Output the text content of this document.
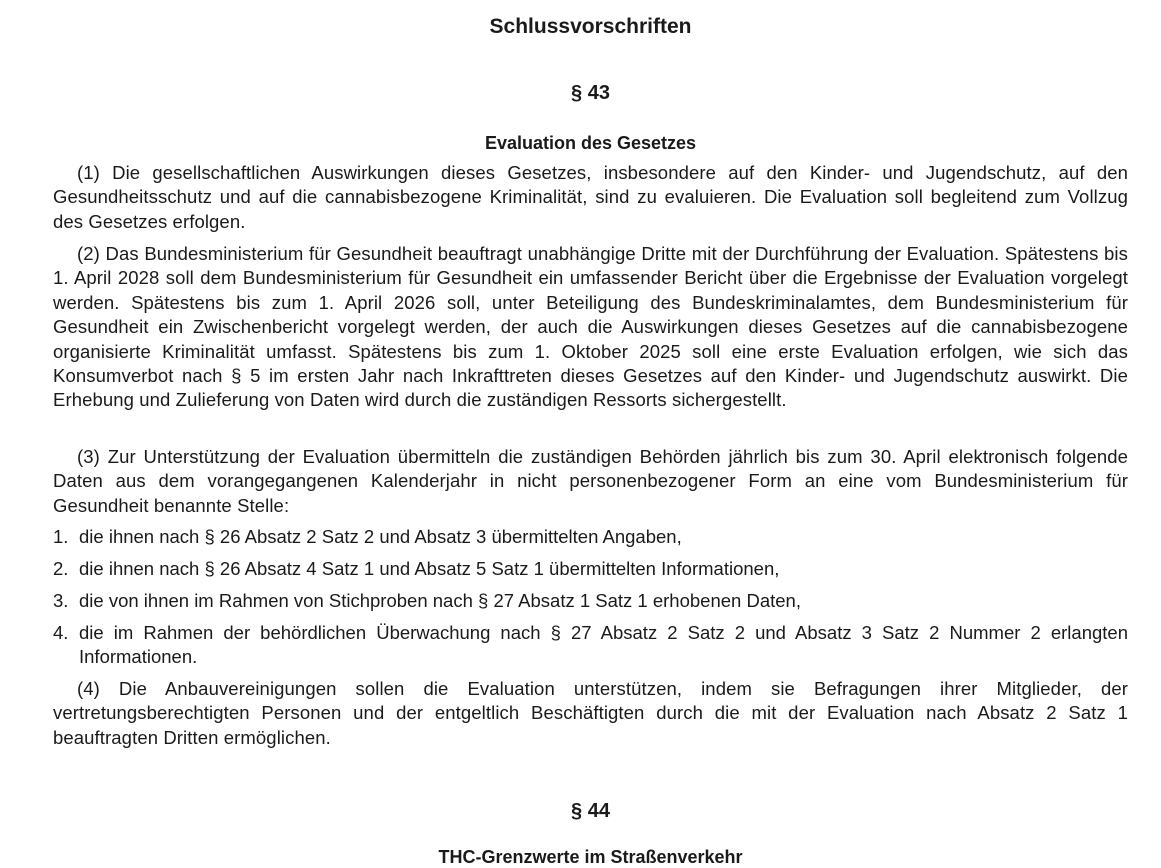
Schlussvorschriften
§ 43
Evaluation des Gesetzes

(1) Die gesellschaftlichen Auswirkungen dieses Gesetzes, insbesondere auf den Kinder- und Jugendschutz, auf den Gesundheitsschutz und auf die cannabisbezogene Kriminalität, sind zu evaluieren. Die Evaluation soll begleitend zum Vollzug des Gesetzes erfolgen.

(2) Das Bundesministerium für Gesundheit beauftragt unabhängige Dritte mit der Durchführung der Evaluation. Spätestens bis 1. April 2028 soll dem Bundesministerium für Gesundheit ein umfassender Bericht über die Ergebnisse der Evaluation vorgelegt werden. Spätestens bis zum 1. April 2026 soll, unter Beteiligung des Bundeskriminalamtes, dem Bundesministerium für Gesundheit ein Zwischenbericht vorgelegt werden, der auch die Auswirkungen dieses Gesetzes auf die cannabisbezogene organisierte Kriminalität umfasst. Spätestens bis zum 1. Oktober 2025 soll eine erste Evaluation erfolgen, wie sich das Konsumverbot nach § 5 im ersten Jahr nach Inkrafttreten dieses Gesetzes auf den Kinder- und Jugendschutz auswirkt. Die Erhebung und Zulieferung von Daten wird durch die zuständigen Ressorts sichergestellt.

(3) Zur Unterstützung der Evaluation übermitteln die zuständigen Behörden jährlich bis zum 30. April elektronisch folgende Daten aus dem vorangegangenen Kalenderjahr in nicht personenbezogener Form an eine vom Bundesministerium für Gesundheit benannte Stelle:

1. die ihnen nach § 26 Absatz 2 Satz 2 und Absatz 3 übermittelten Angaben,
2. die ihnen nach § 26 Absatz 4 Satz 1 und Absatz 5 Satz 1 übermittelten Informationen,
3. die von ihnen im Rahmen von Stichproben nach § 27 Absatz 1 Satz 1 erhobenen Daten,
4. die im Rahmen der behördlichen Überwachung nach § 27 Absatz 2 Satz 2 und Absatz 3 Satz 2 Nummer 2 erlangten Informationen.

(4) Die Anbauvereinigungen sollen die Evaluation unterstützen, indem sie Befragungen ihrer Mitglieder, der vertretungsberechtigten Personen und der entgeltlich Beschäftigten durch die mit der Evaluation nach Absatz 2 Satz 1 beauftragten Dritten ermöglichen.

§ 44
THC-Grenzwerte im Straßenverkehr
